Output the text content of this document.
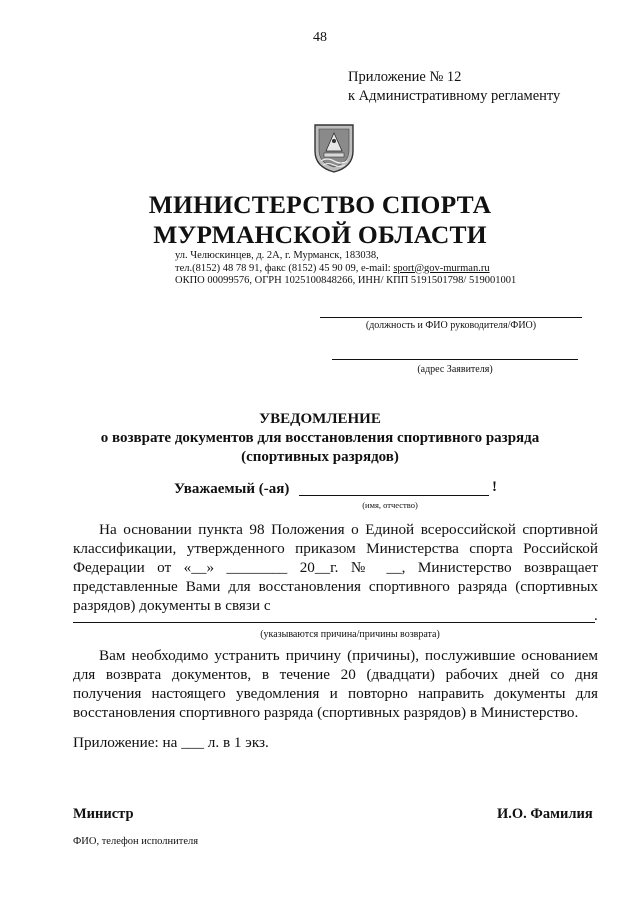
48
Приложение № 12
к Административному регламенту
МИНИСТЕРСТВО СПОРТА
МУРМАНСКОЙ ОБЛАСТИ
ул. Челюскинцев, д. 2А, г. Мурманск, 183038,
тел.(8152) 48 78 91, факс (8152) 45 90 09, e-mail: sport@gov-murman.ru
ОКПО 00099576, ОГРН 1025100848266, ИНН/ КПП 5191501798/ 519001001
(должность и ФИО руководителя/ФИО)
(адрес Заявителя)
УВЕДОМЛЕНИЕ
о возврате документов для восстановления спортивного разряда
(спортивных разрядов)
Уважаемый (-ая)	!
(имя, отчество)
На основании пункта 98 Положения о Единой всероссийской спортивной классификации, утвержденного приказом Министерства спорта Российской Федерации от «__» ________ 20__г. № __, Министерство возвращает представленные Вами для восстановления спортивного разряда (спортивных разрядов) документы в связи с
.
(указываются причина/причины возврата)
Вам необходимо устранить причину (причины), послужившие основанием для возврата документов, в течение 20 (двадцати) рабочих дней со дня получения настоящего уведомления и повторно направить документы для восстановления спортивного разряда (спортивных разрядов) в Министерство.
Приложение: на ___ л. в 1 экз.
Министр	И.О. Фамилия
ФИО, телефон исполнителя
